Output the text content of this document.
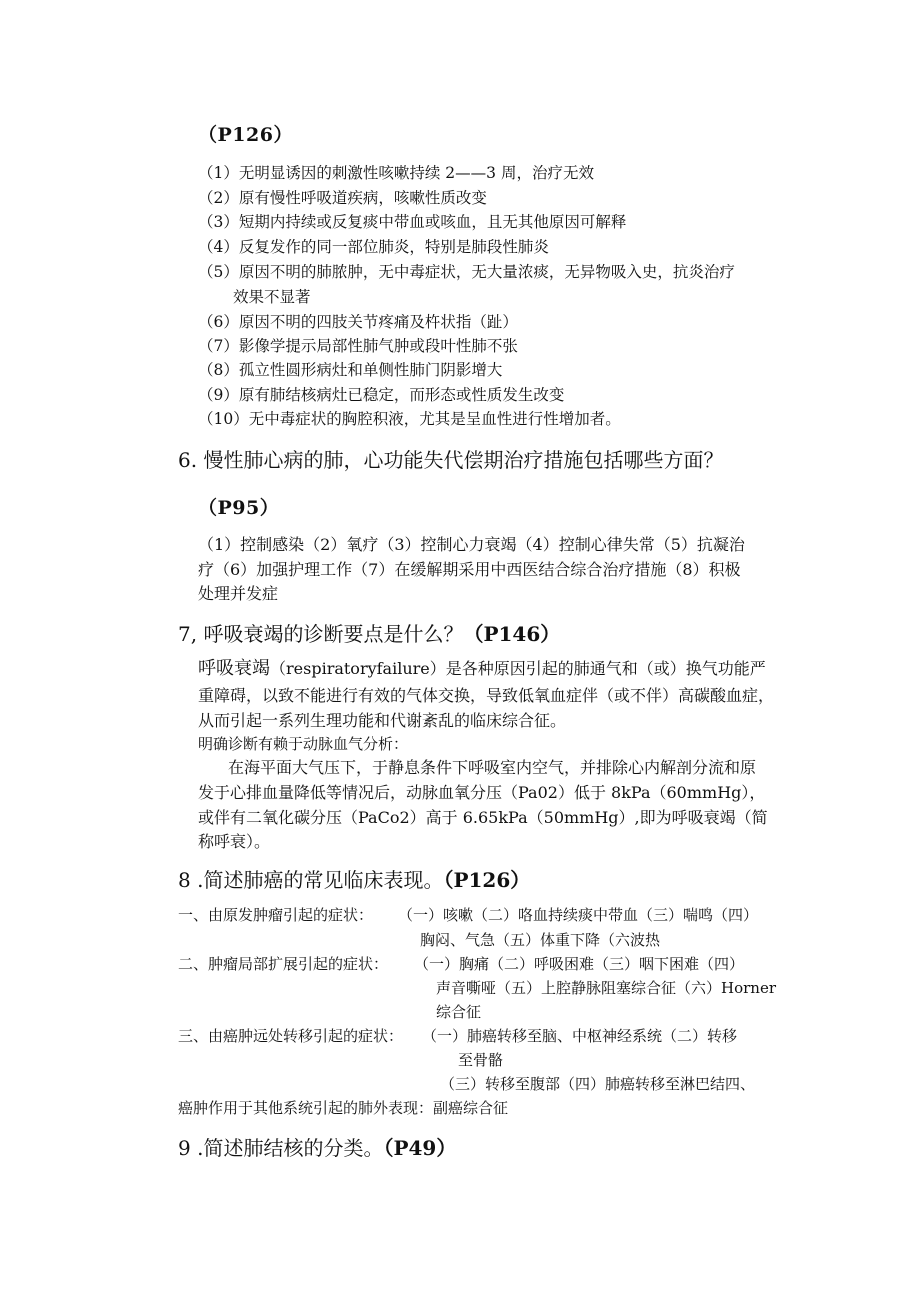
（P126）
（1）无明显诱因的刺激性咳嗽持续 2——3 周，治疗无效
（2）原有慢性呼吸道疾病，咳嗽性质改变
（3）短期内持续或反复痰中带血或咳血，且无其他原因可解释
（4）反复发作的同一部位肺炎，特别是肺段性肺炎
（5）原因不明的肺脓肿，无中毒症状，无大量浓痰，无异物吸入史，抗炎治疗
效果不显著
（6）原因不明的四肢关节疼痛及杵状指（趾）
（7）影像学提示局部性肺气肿或段叶性肺不张
（8）孤立性圆形病灶和单侧性肺门阴影增大
（9）原有肺结核病灶已稳定，而形态或性质发生改变
（10）无中毒症状的胸腔积液，尤其是呈血性进行性增加者。
6. 慢性肺心病的肺，心功能失代偿期治疗措施包括哪些方面？
（P95）
（1）控制感染（2）氧疗（3）控制心力衰竭（4）控制心律失常（5）抗凝治
疗（6）加强护理工作（7）在缓解期采用中西医结合综合治疗措施（8）积极
处理并发症
7, 呼吸衰竭的诊断要点是什么？（P146）
呼吸衰竭（respiratoryfailure）是各种原因引起的肺通气和（或）换气功能严
重障碍，以致不能进行有效的气体交换，导致低氧血症伴（或不伴）高碳酸血症，
从而引起一系列生理功能和代谢紊乱的临床综合征。
明确诊断有赖于动脉血气分析：
在海平面大气压下，于静息条件下呼吸室内空气，并排除心内解剖分流和原
发于心排血量降低等情况后，动脉血氧分压（Pa02）低于 8kPa（60mmHg），
或伴有二氧化碳分压（PaCo2）高于 6.65kPa（50mmHg）,即为呼吸衰竭（简
称呼衰）。
8 .简述肺癌的常见临床表现。（P126）
一、由原发肿瘤引起的症状： （一）咳嗽（二）咯血持续痰中带血（三）喘鸣（四）
胸闷、气急（五）体重下降（六波热
二、肿瘤局部扩展引起的症状： （一）胸痛（二）呼吸困难（三）咽下困难（四）
声音嘶哑（五）上腔静脉阻塞综合征（六）Horner
综合征
三、由癌肿远处转移引起的症状： （一）肺癌转移至脑、中枢神经系统（二）转移
至骨骼
（三）转移至腹部（四）肺癌转移至淋巴结四、
癌肿作用于其他系统引起的肺外表现：副癌综合征
9 .简述肺结核的分类。（P49）
